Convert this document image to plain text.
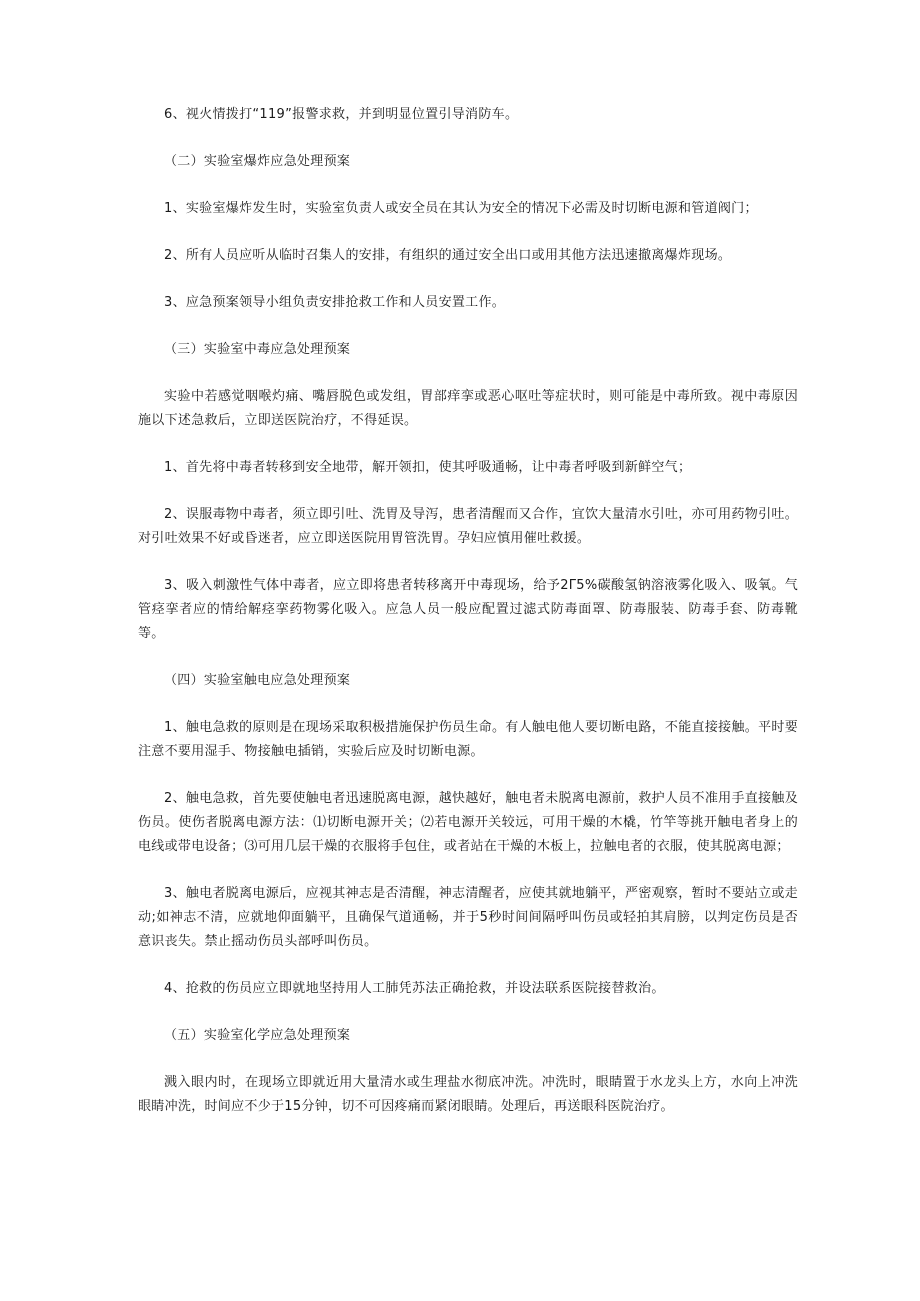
6、视火情拨打“119”报警求救，并到明显位置引导消防车。

（二）实验室爆炸应急处理预案

1、实验室爆炸发生时，实验室负责人或安全员在其认为安全的情况下必需及时切断电源和管道阀门；

2、所有人员应听从临时召集人的安排，有组织的通过安全出口或用其他方法迅速撤离爆炸现场。

3、应急预案领导小组负责安排抢救工作和人员安置工作。

（三）实验室中毒应急处理预案

实验中若感觉咽喉灼痛、嘴唇脱色或发组，胃部痒挛或恶心呕吐等症状时，则可能是中毒所致。视中毒原因施以下述急救后，立即送医院治疗，不得延误。

1、首先将中毒者转移到安全地带，解开领扣，使其呼吸通畅，让中毒者呼吸到新鲜空气；

2、误服毒物中毒者，须立即引吐、洗胃及导泻，患者清醒而又合作，宜饮大量清水引吐，亦可用药物引吐。对引吐效果不好或昏迷者，应立即送医院用胃管洗胃。孕妇应慎用催吐救援。

3、吸入刺激性气体中毒者，应立即将患者转移离开中毒现场，给予2Γ5%碳酸氢钠溶液雾化吸入、吸氧。气管痉挛者应的情给解痉挛药物雾化吸入。应急人员一般应配置过滤式防毒面罩、防毒服装、防毒手套、防毒靴等。

（四）实验室触电应急处理预案

1、触电急救的原则是在现场采取积极措施保护伤员生命。有人触电他人要切断电路，不能直接接触。平时要注意不要用湿手、物接触电插销，实验后应及时切断电源。

2、触电急救，首先要使触电者迅速脱离电源，越快越好，触电者未脱离电源前，救护人员不准用手直接触及伤员。使伤者脱离电源方法：⑴切断电源开关；⑵若电源开关较远，可用干燥的木橇，竹竿等挑开触电者身上的电线或带电设备；⑶可用几层干燥的衣服将手包住，或者站在干燥的木板上，拉触电者的衣服，使其脱离电源；

3、触电者脱离电源后，应视其神志是否清醒，神志清醒者，应使其就地躺平，严密观察，暂时不要站立或走动;如神志不清，应就地仰面躺平，且确保气道通畅，并于5秒时间间隔呼叫伤员或轻拍其肩膀，以判定伤员是否意识丧失。禁止摇动伤员头部呼叫伤员。

4、抢救的伤员应立即就地坚持用人工肺凭苏法正确抢救，并设法联系医院接替救治。

（五）实验室化学应急处理预案

溅入眼内时，在现场立即就近用大量清水或生理盐水彻底冲洗。冲洗时，眼睛置于水龙头上方，水向上冲洗眼睛冲洗，时间应不少于15分钟，切不可因疼痛而紧闭眼睛。处理后，再送眼科医院治疗。
